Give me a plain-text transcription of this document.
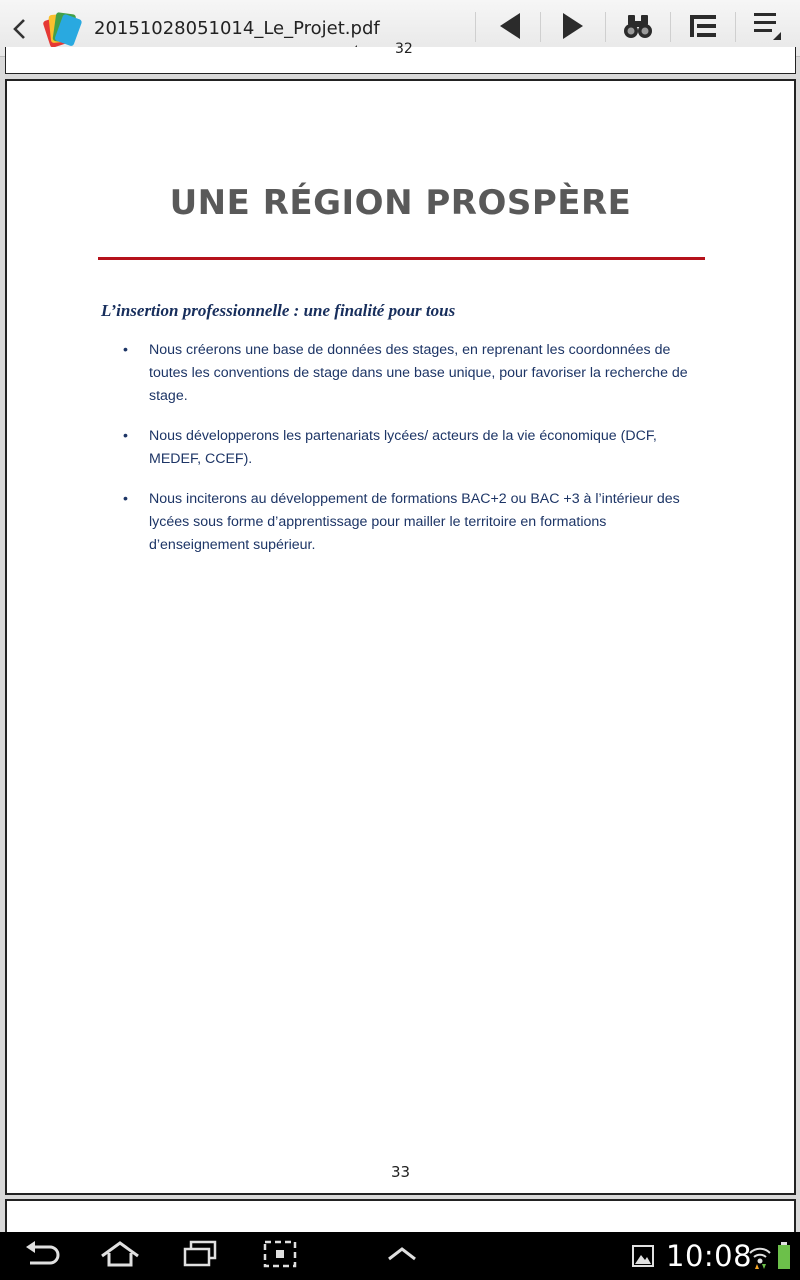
20151028051014_Le_Projet.pdf
32
UNE RÉGION PROSPÈRE
L’insertion professionnelle : une finalité pour tous
• Nous créerons une base de données des stages, en reprenant les coordonnées de toutes les conventions de stage dans une base unique, pour favoriser la recherche de stage.
• Nous développerons les partenariats lycées/ acteurs de la vie économique (DCF, MEDEF, CCEF).
• Nous inciterons au développement de formations BAC+2 ou BAC +3 à l’intérieur des lycées sous forme d’apprentissage pour mailler le territoire en formations d’enseignement supérieur.
33
10:08
